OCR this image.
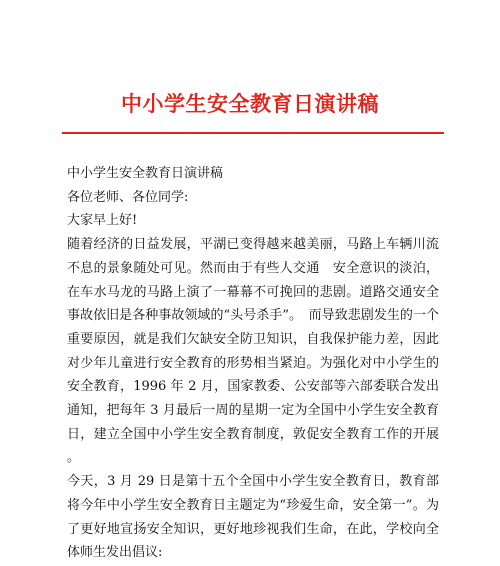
中小学生安全教育日演讲稿

中小学生安全教育日演讲稿

各位老师、各位同学:

大家早上好!

随着经济的日益发展，平湖已变得越来越美丽，马路上车辆川流不息的景象随处可见。然而由于有些人交通　安全意识的淡泊，在车水马龙的马路上演了一幕幕不可挽回的悲剧。道路交通安全事故依旧是各种事故领域的“头号杀手”。　而导致悲剧发生的一个重要原因，就是我们欠缺安全防卫知识，自我保护能力差，因此对少年儿童进行安全教育的形势相当紧迫。为强化对中小学生的安全教育，1996 年 2 月，国家教委、公安部等六部委联合发出通知，把每年 3 月最后一周的星期一定为全国中小学生安全教育日，建立全国中小学生安全教育制度，敦促安全教育工作的开展。

今天，3 月 29 日是第十五个全国中小学生安全教育日，教育部将今年中小学生安全教育日主题定为“珍爱生命，安全第一”。为了更好地宣扬安全知识，更好地珍视我们生命，在此，学校向全体师生发出倡议:
